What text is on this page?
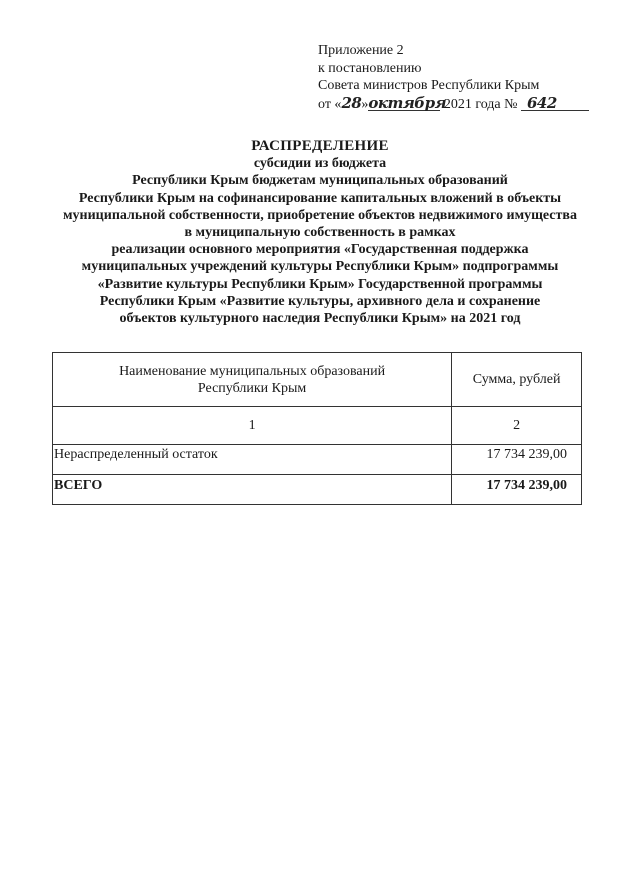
Приложение 2
к постановлению
Совета министров Республики Крым
от «28»октября 2021 года № 642
РАСПРЕДЕЛЕНИЕ
субсидии из бюджета
Республики Крым бюджетам муниципальных образований
Республики Крым на софинансирование капитальных вложений в объекты
муниципальной собственности, приобретение объектов недвижимого имущества
в муниципальную собственность в рамках
реализации основного мероприятия «Государственная поддержка
муниципальных учреждений культуры Республики Крым» подпрограммы
«Развитие культуры Республики Крым» Государственной программы
Республики Крым «Развитие культуры, архивного дела и сохранение
объектов культурного наследия Республики Крым» на 2021 год
Наименование муниципальных образований
Республики Крым	Сумма, рублей
1	2
Нераспределенный остаток	17 734 239,00
ВСЕГО	17 734 239,00
